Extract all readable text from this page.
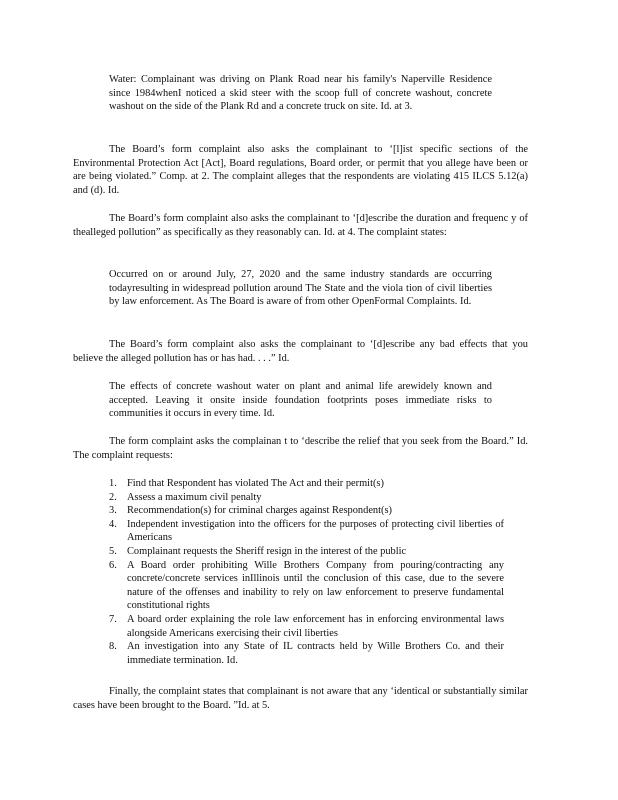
Water: Complainant was driving on Plank Road near his family's Naperville Residence since 1984whenI noticed a skid steer with the scoop full of concrete washout, concrete washout on the side of the Plank Rd and a concrete truck on site. Id. at 3.
The Board’s form complaint also asks the complainant to ‘[l]ist specific sections of the Environmental Protection Act [Act], Board regulations, Board order, or permit that you allege have been or are being violated.” Comp. at 2. The complaint alleges that the respondents are violating 415 ILCS 5.12(a) and (d). Id.
The Board’s form complaint also asks the complainant to ‘[d]escribe the duration and frequenc y of thealleged pollution” as specifically as they reasonably can. Id. at 4. The complaint states:
Occurred on or around July, 27, 2020 and the same industry standards are occurring todayresulting in widespread pollution around The State and the viola tion of civil liberties by law enforcement. As The Board is aware of from other OpenFormal Complaints. Id.
The Board’s form complaint also asks the complainant to ‘[d]escribe any bad effects that you believe the alleged pollution has or has had. . . .” Id.
The effects of concrete washout water on plant and animal life arewidely known and accepted. Leaving it onsite inside foundation footprints poses immediate risks to communities it occurs in every time. Id.
The form complaint asks the complainan t to ‘describe the relief that you seek from the Board.” Id. The complaint requests:
1. Find that Respondent has violated The Act and their permit(s)
2. Assess a maximum civil penalty
3. Recommendation(s) for criminal charges against Respondent(s)
4. Independent investigation into the officers for the purposes of protecting civil liberties of Americans
5. Complainant requests the Sheriff resign in the interest of the public
6. A Board order prohibiting Wille Brothers Company from pouring/contracting any concrete/concrete services inIllinois until the conclusion of this case, due to the severe nature of the offenses and inability to rely on law enforcement to preserve fundamental constitutional rights
7. A board order explaining the role law enforcement has in enforcing environmental laws alongside Americans exercising their civil liberties
8. An investigation into any State of IL contracts held by Wille Brothers Co. and their immediate termination. Id.
Finally, the complaint states that complainant is not aware that any ‘identical or substantially similar cases have been brought to the Board. ”Id. at 5.
